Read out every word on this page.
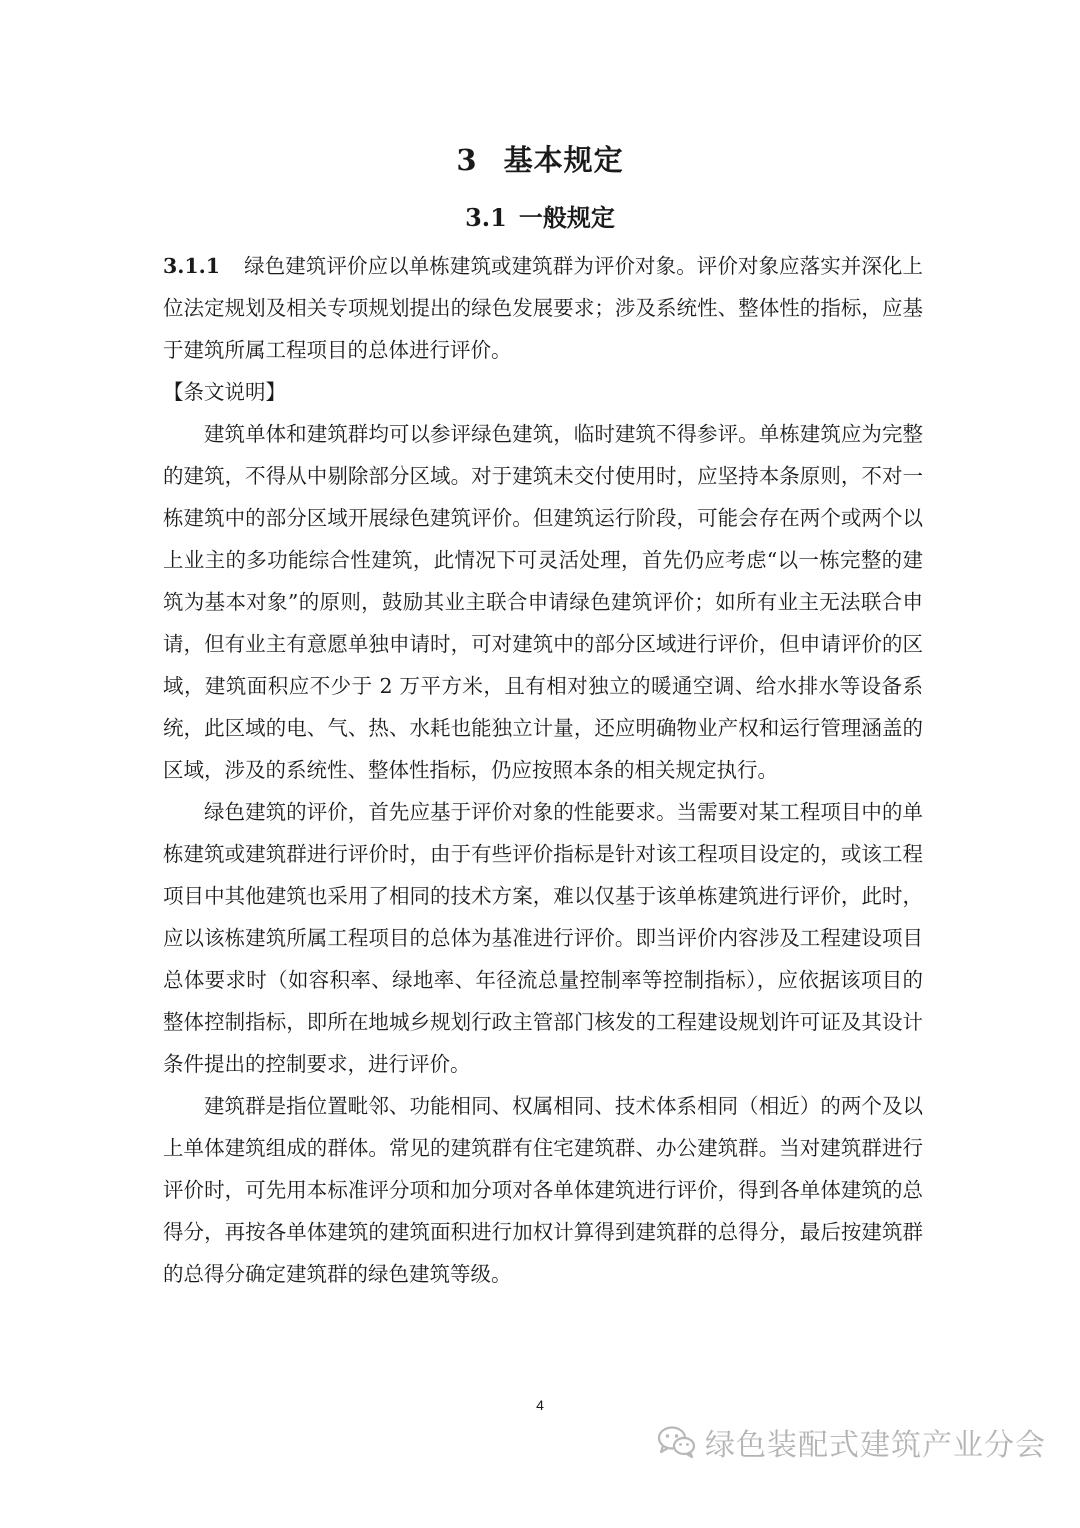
3 基本规定
3.1 一般规定

3.1.1 绿色建筑评价应以单栋建筑或建筑群为评价对象。评价对象应落实并深化上位法定规划及相关专项规划提出的绿色发展要求；涉及系统性、整体性的指标，应基于建筑所属工程项目的总体进行评价。

【条文说明】

建筑单体和建筑群均可以参评绿色建筑，临时建筑不得参评。单栋建筑应为完整的建筑，不得从中剔除部分区域。对于建筑未交付使用时，应坚持本条原则，不对一栋建筑中的部分区域开展绿色建筑评价。但建筑运行阶段，可能会存在两个或两个以上业主的多功能综合性建筑，此情况下可灵活处理，首先仍应考虑“以一栋完整的建筑为基本对象”的原则，鼓励其业主联合申请绿色建筑评价；如所有业主无法联合申请，但有业主有意愿单独申请时，可对建筑中的部分区域进行评价，但申请评价的区域，建筑面积应不少于 2 万平方米，且有相对独立的暖通空调、给水排水等设备系统，此区域的电、气、热、水耗也能独立计量，还应明确物业产权和运行管理涵盖的区域，涉及的系统性、整体性指标，仍应按照本条的相关规定执行。

绿色建筑的评价，首先应基于评价对象的性能要求。当需要对某工程项目中的单栋建筑或建筑群进行评价时，由于有些评价指标是针对该工程项目设定的，或该工程项目中其他建筑也采用了相同的技术方案，难以仅基于该单栋建筑进行评价，此时，应以该栋建筑所属工程项目的总体为基准进行评价。即当评价内容涉及工程建设项目总体要求时（如容积率、绿地率、年径流总量控制率等控制指标），应依据该项目的整体控制指标，即所在地城乡规划行政主管部门核发的工程建设规划许可证及其设计条件提出的控制要求，进行评价。

建筑群是指位置毗邻、功能相同、权属相同、技术体系相同（相近）的两个及以上单体建筑组成的群体。常见的建筑群有住宅建筑群、办公建筑群。当对建筑群进行评价时，可先用本标准评分项和加分项对各单体建筑进行评价，得到各单体建筑的总得分，再按各单体建筑的建筑面积进行加权计算得到建筑群的总得分，最后按建筑群的总得分确定建筑群的绿色建筑等级。

4
绿色装配式建筑产业分会
